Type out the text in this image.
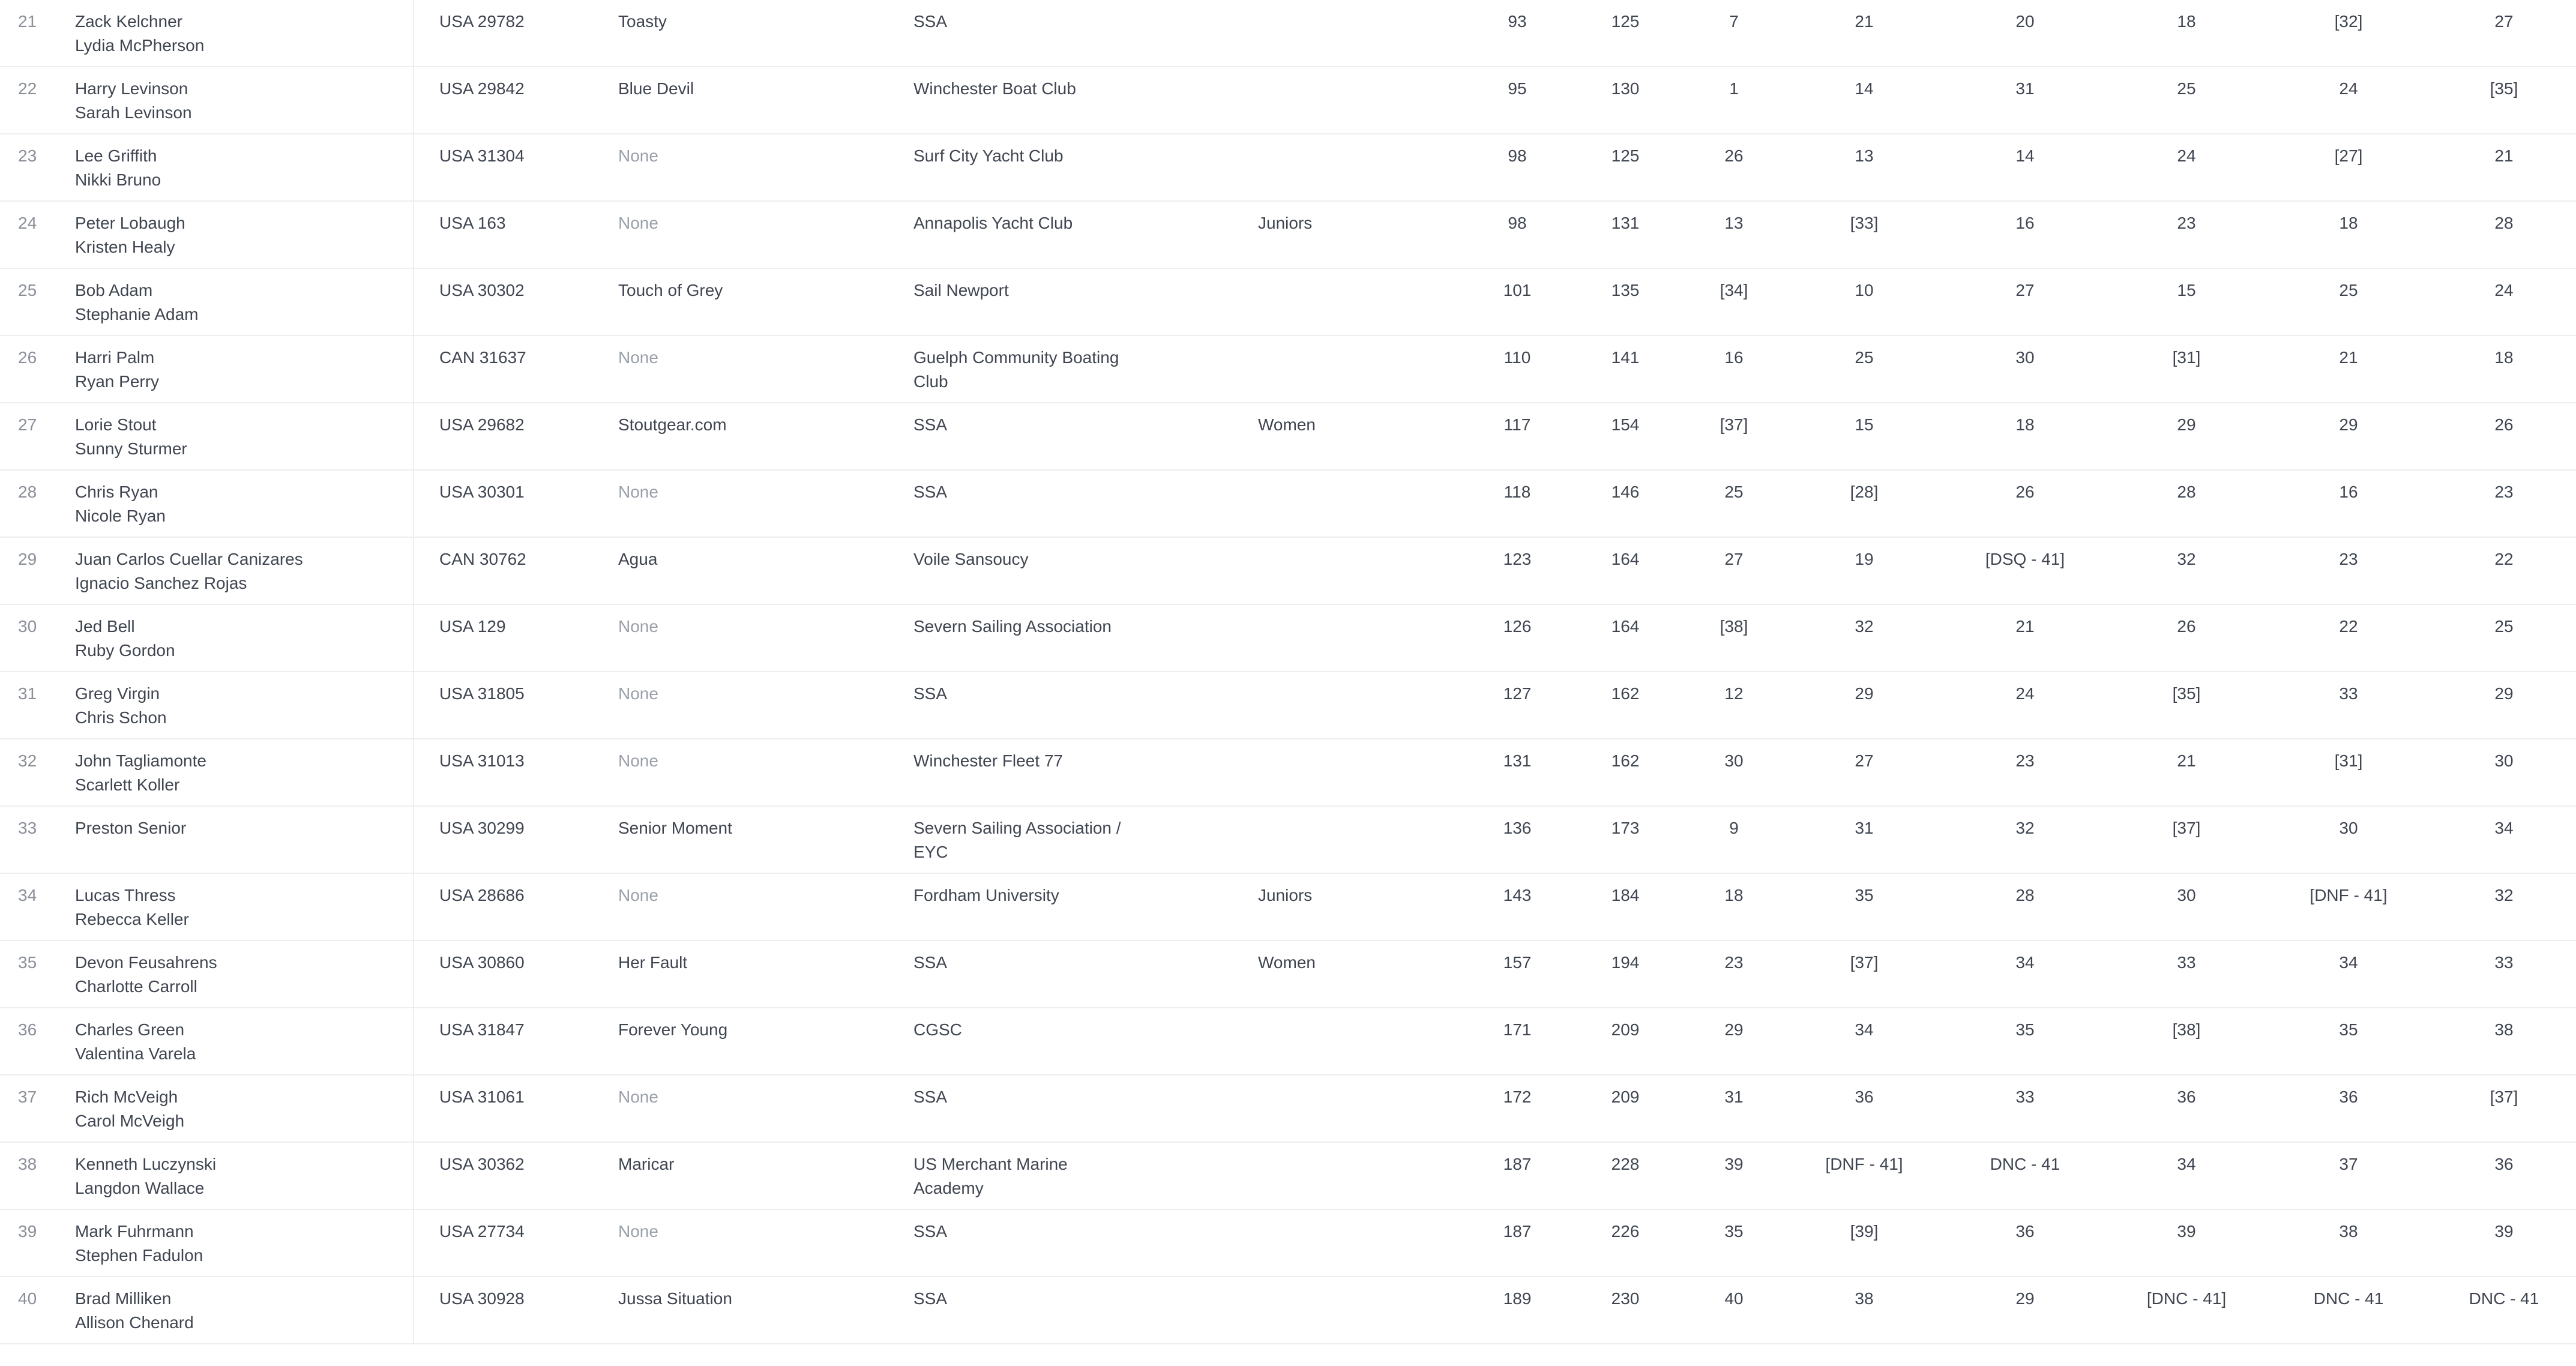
21 Zack Kelchner
Lydia McPherson
USA 29782	Toasty	SSA	93	125	7	21	20	18	[32]	27
22 Harry Levinson
Sarah Levinson
USA 29842	Blue Devil	Winchester Boat Club	95	130	1	14	31	25	24	[35]
23 Lee Griffith
Nikki Bruno
USA 31304	None	Surf City Yacht Club	98	125	26	13	14	24	[27]	21
24 Peter Lobaugh
Kristen Healy
USA 163	None	Annapolis Yacht Club	Juniors	98	131	13	[33]	16	23	18	28
25 Bob Adam
Stephanie Adam
USA 30302	Touch of Grey	Sail Newport	101	135	[34]	10	27	15	25	24
26 Harri Palm
Ryan Perry
CAN 31637	None	Guelph Community Boating
Club
110	141	16	25	30	[31]	21	18
27 Lorie Stout
Sunny Sturmer
USA 29682	Stoutgear.com	SSA	Women	117	154	[37]	15	18	29	29	26
28 Chris Ryan
Nicole Ryan
USA 30301	None	SSA	118	146	25	[28]	26	28	16	23
29 Juan Carlos Cuellar Canizares
Ignacio Sanchez Rojas
CAN 30762	Agua	Voile Sansoucy	123	164	27	19	[DSQ - 41]	32	23	22
30 Jed Bell
Ruby Gordon
USA 129	None	Severn Sailing Association	126	164	[38]	32	21	26	22	25
31 Greg Virgin
Chris Schon
USA 31805	None	SSA	127	162	12	29	24	[35]	33	29
32 John Tagliamonte
Scarlett Koller
USA 31013	None	Winchester Fleet 77	131	162	30	27	23	21	[31]	30
33 Preston Senior	USA 30299	Senior Moment	Severn Sailing Association /
EYC
136	173	9	31	32	[37]	30	34
34 Lucas Thress
Rebecca Keller
USA 28686	None	Fordham University	Juniors	143	184	18	35	28	30	[DNF - 41]	32
35 Devon Feusahrens
Charlotte Carroll
USA 30860	Her Fault	SSA	Women	157	194	23	[37]	34	33	34	33
36 Charles Green
Valentina Varela
USA 31847	Forever Young	CGSC	171	209	29	34	35	[38]	35	38
37 Rich McVeigh
Carol McVeigh
USA 31061	None	SSA	172	209	31	36	33	36	36	[37]
38 Kenneth Luczynski
Langdon Wallace
USA 30362	Maricar	US Merchant Marine
Academy
187	228	39	[DNF - 41]	DNC - 41	34	37	36
39 Mark Fuhrmann
Stephen Fadulon
USA 27734	None	SSA	187	226	35	[39]	36	39	38	39
40 Brad Milliken
Allison Chenard
USA 30928	Jussa Situation	SSA	189	230	40	38	29	[DNC - 41]	DNC - 41	DNC - 41
